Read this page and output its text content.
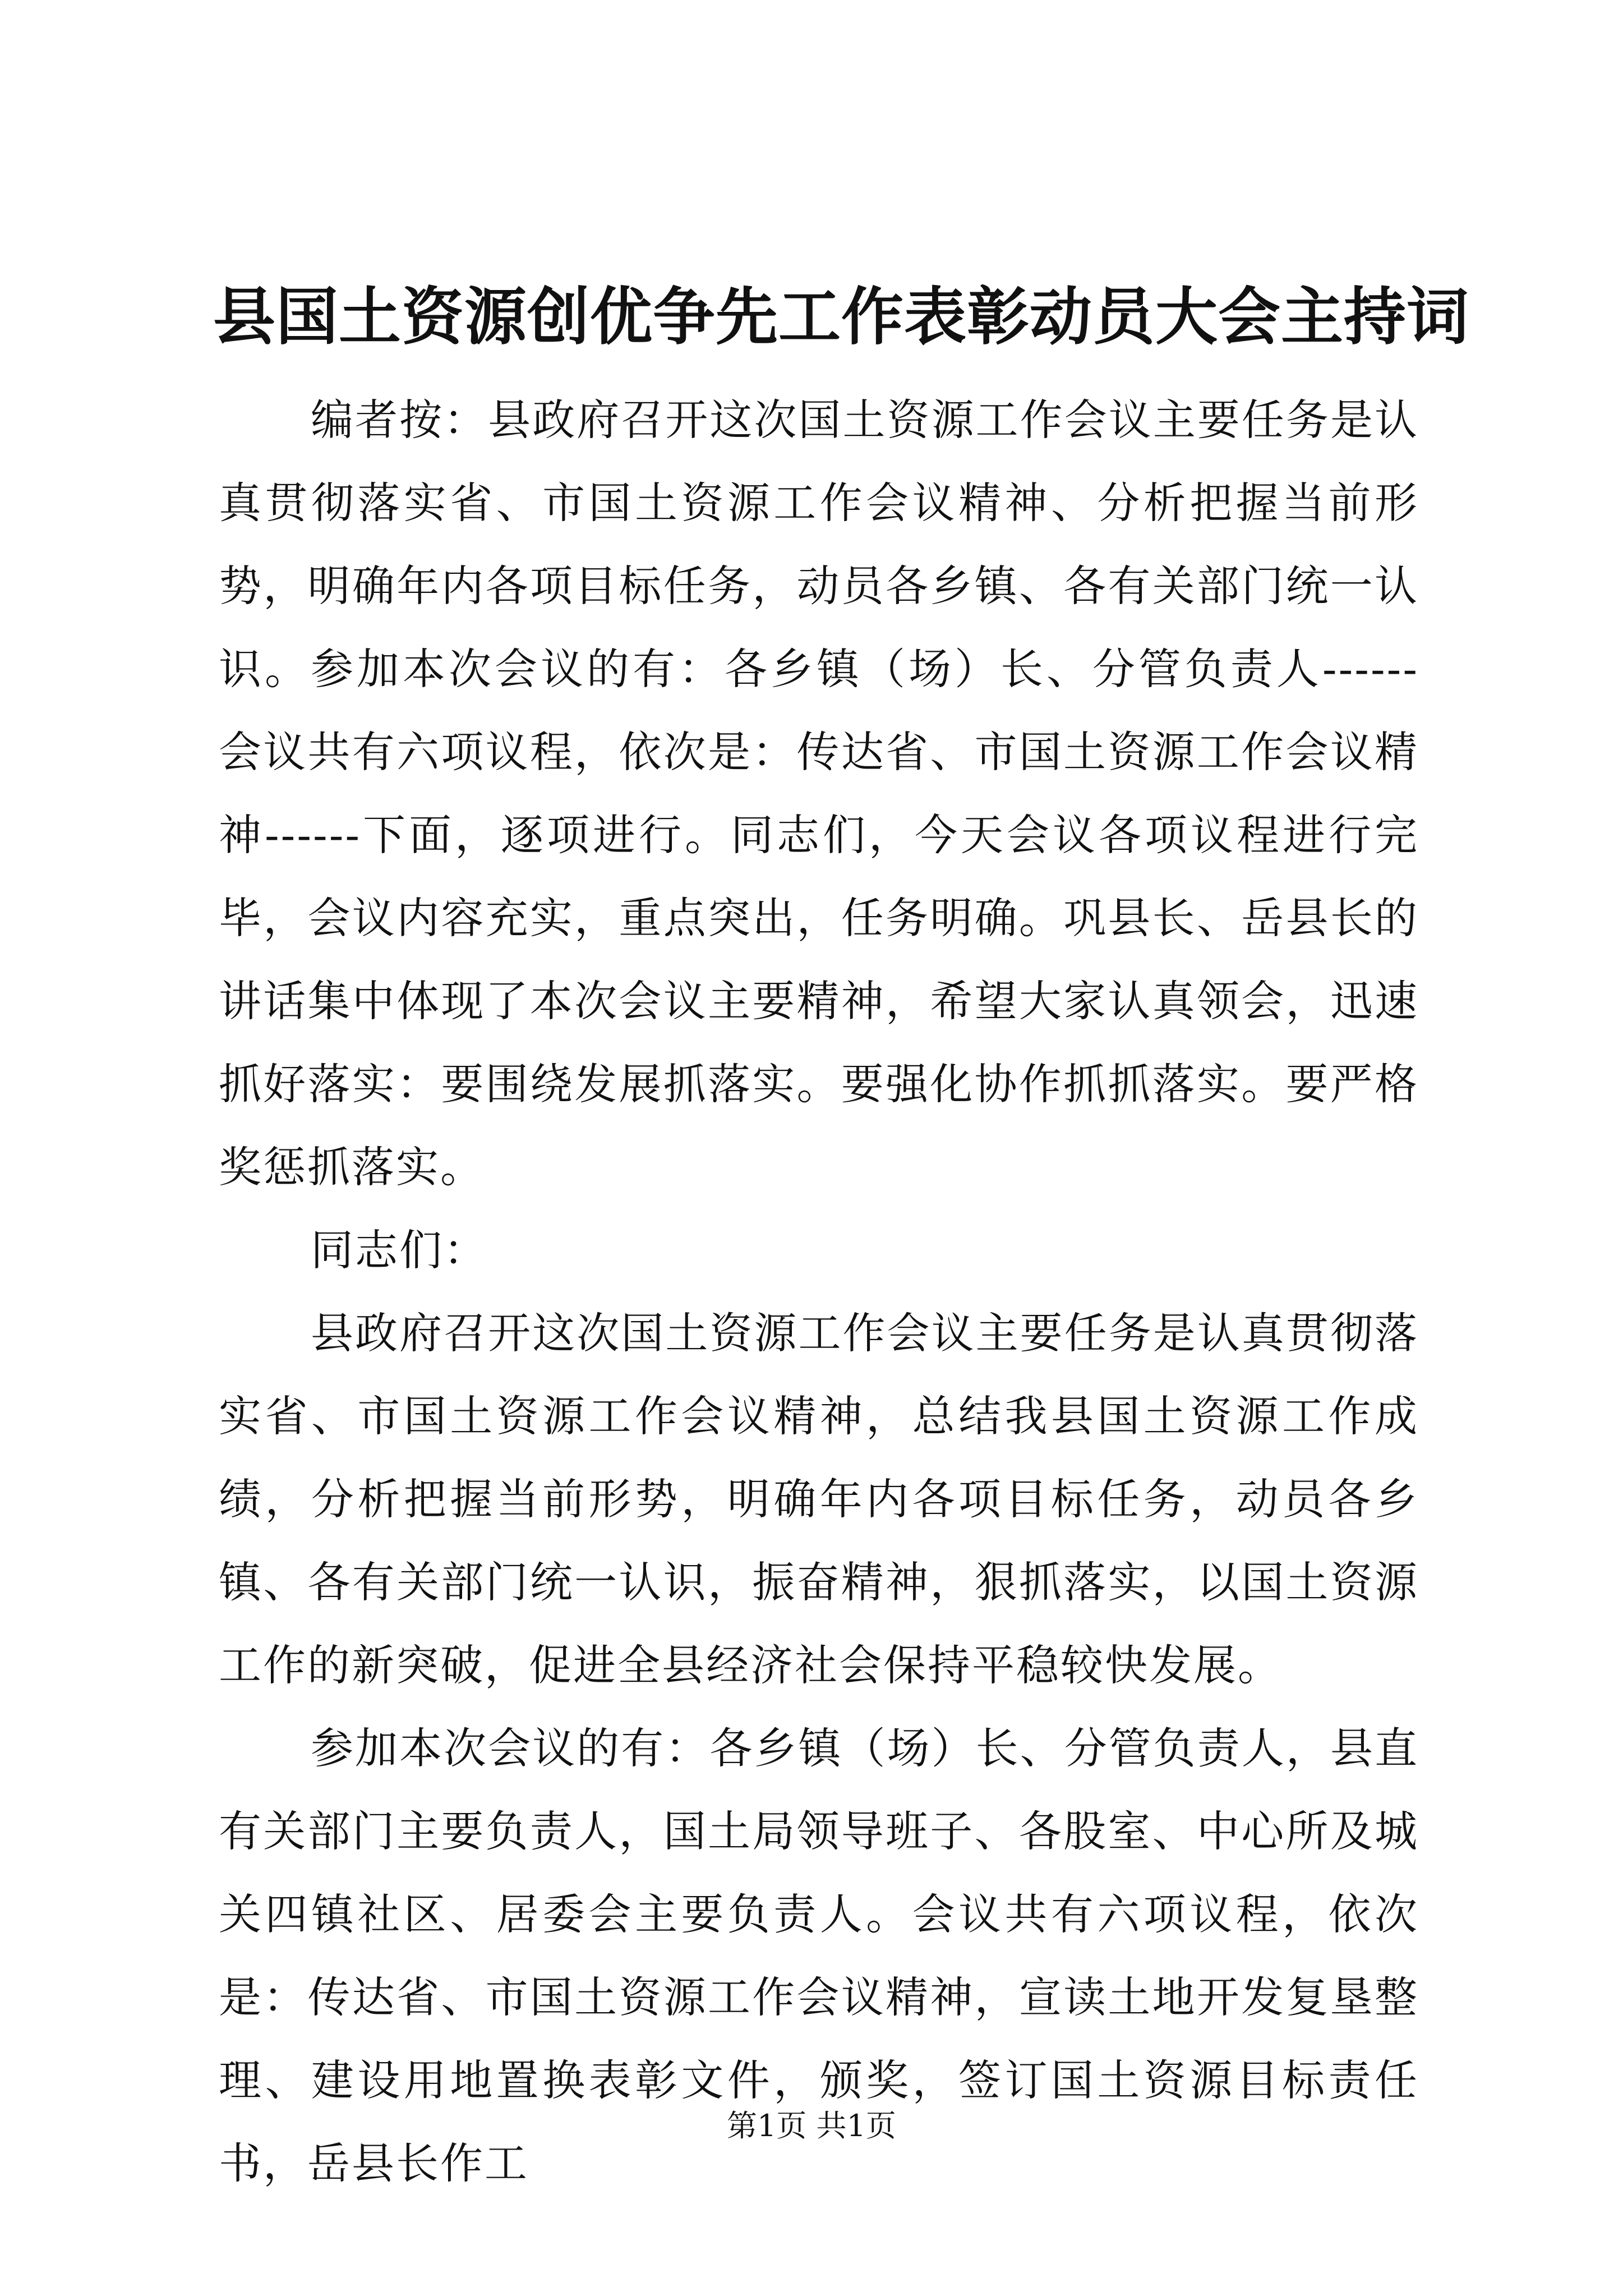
县国土资源创优争先工作表彰动员大会主持词

编者按：县政府召开这次国土资源工作会议主要任务是认真贯彻落实省、市国土资源工作会议精神、分析把握当前形势，明确年内各项目标任务，动员各乡镇、各有关部门统一认识。参加本次会议的有：各乡镇（场）长、分管负责人------会议共有六项议程，依次是：传达省、市国土资源工作会议精神------下面，逐项进行。同志们，今天会议各项议程进行完毕，会议内容充实，重点突出，任务明确。巩县长、岳县长的讲话集中体现了本次会议主要精神，希望大家认真领会，迅速抓好落实：要围绕发展抓落实。要强化协作抓抓落实。要严格奖惩抓落实。

同志们：

县政府召开这次国土资源工作会议主要任务是认真贯彻落实省、市国土资源工作会议精神，总结我县国土资源工作成绩，分析把握当前形势，明确年内各项目标任务，动员各乡镇、各有关部门统一认识，振奋精神，狠抓落实，以国土资源工作的新突破，促进全县经济社会保持平稳较快发展。

参加本次会议的有：各乡镇（场）长、分管负责人，县直有关部门主要负责人，国土局领导班子、各股室、中心所及城关四镇社区、居委会主要负责人。会议共有六项议程，依次是：传达省、市国土资源工作会议精神，宣读土地开发复垦整理、建设用地置换表彰文件，颁奖，签订国土资源目标责任书，岳县长作工

第1页 共1页
